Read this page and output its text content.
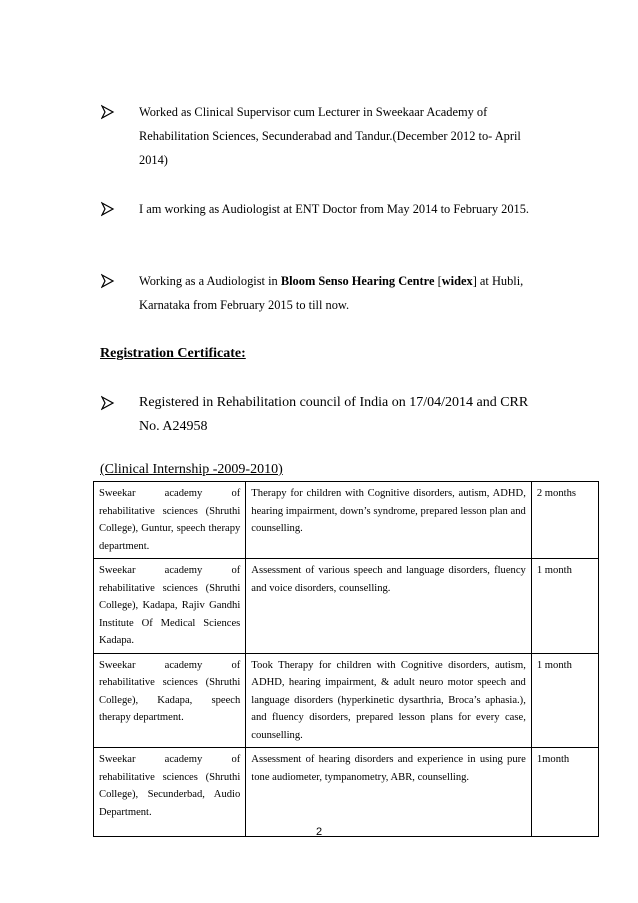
Worked as Clinical Supervisor cum Lecturer in Sweekaar Academy of Rehabilitation Sciences, Secunderabad and Tandur.(December 2012 to- April 2014)
I am working as Audiologist at ENT Doctor from May 2014 to February 2015.
Working as a Audiologist in Bloom Senso Hearing Centre [widex] at Hubli, Karnataka from February 2015 to till now.
Registration Certificate:
Registered in Rehabilitation council of India on 17/04/2014 and CRR No. A24958
(Clinical Internship -2009-2010)
Sweekar academy of rehabilitative sciences (Shruthi College), Guntur, speech therapy department.	Therapy for children with Cognitive disorders, autism, ADHD, hearing impairment, down’s syndrome, prepared lesson plan and counselling.	2 months
Sweekar academy of rehabilitative sciences (Shruthi College), Kadapa, Rajiv Gandhi Institute Of Medical Sciences Kadapa.	Assessment of various speech and language disorders, fluency and voice disorders, counselling.	1 month
Sweekar academy of rehabilitative sciences (Shruthi College), Kadapa, speech therapy department.	Took Therapy for children with Cognitive disorders, autism, ADHD, hearing impairment, & adult neuro motor speech and language disorders (hyperkinetic dysarthria, Broca’s aphasia.), and fluency disorders, prepared lesson plans for every case, counselling.	1 month
Sweekar academy of rehabilitative sciences (Shruthi College), Secunderbad, Audio Department.	Assessment of hearing disorders and experience in using pure tone audiometer, tympanometry, ABR, counselling.	1month
2
